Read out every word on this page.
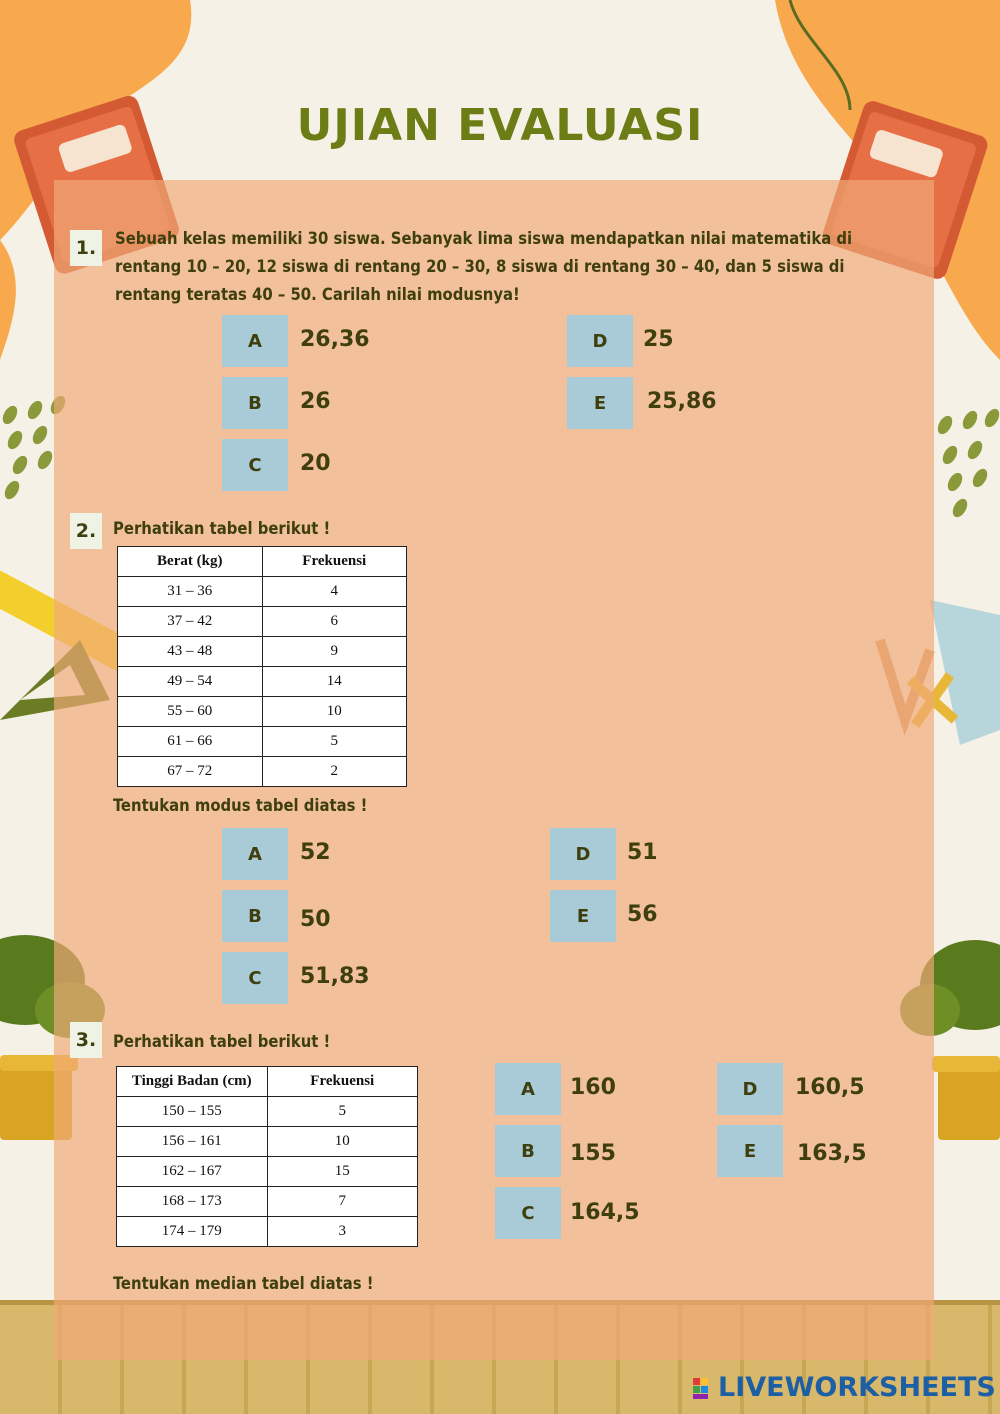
UJIAN EVALUASI
1.	Sebuah kelas memiliki 30 siswa. Sebanyak lima siswa mendapatkan nilai matematika di
rentang 10 – 20, 12 siswa di rentang 20 – 30, 8 siswa di rentang 30 – 40, dan 5 siswa di
rentang teratas 40 – 50. Carilah nilai modusnya!
A	26,36
B	26
C	20
D	25
E	25,86
2.	Perhatikan tabel berikut !
Berat (kg)	Frekuensi
31 – 36	4
37 – 42	6
43 – 48	9
49 – 54	14
55 – 60	10
61 – 66	5
67 – 72	2
Tentukan modus tabel diatas !
A	52
B	50
C	51,83
D	51
E	56
3.	Perhatikan tabel berikut !
Tinggi Badan (cm)	Frekuensi
150 – 155	5
156 – 161	10
162 – 167	15
168 – 173	7
174 – 179	3
Tentukan median tabel diatas !
A	160
B	155
C	164,5
D	160,5
E	163,5
LIVEWORKSHEETS
